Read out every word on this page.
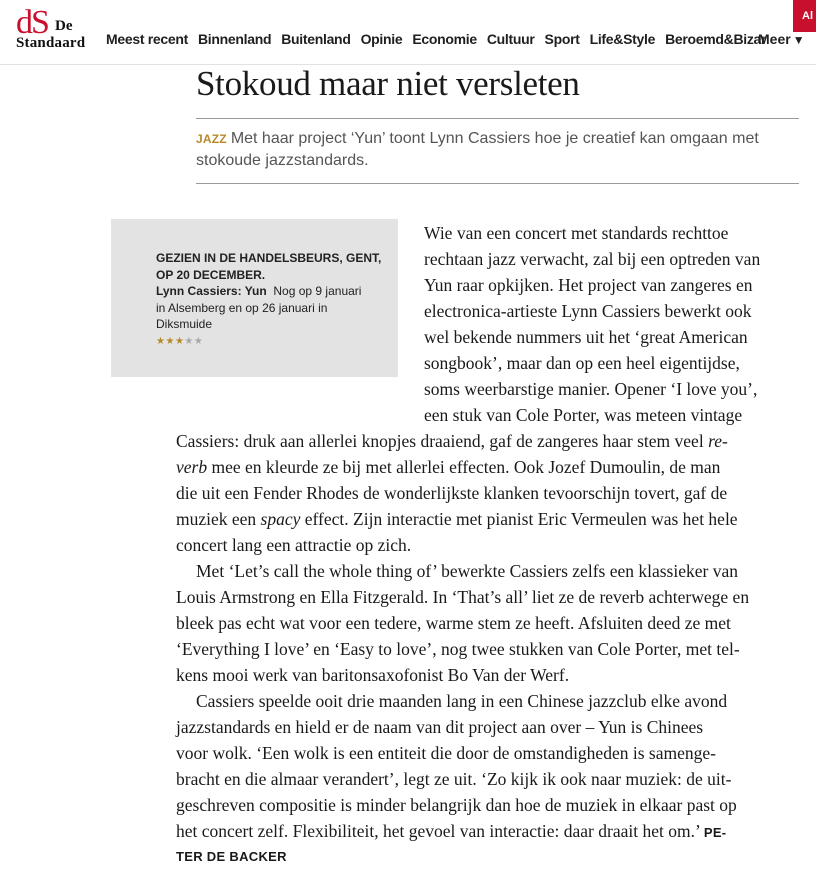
dS De
Standaard Meest recent Binnenland Buitenland Opinie Economie Cultuur Sport Life&Style Beroemd&Bizar
Meer ▼
Al
Stokoud maar niet versleten

JAZZ Met haar project ‘Yun’ toont Lynn Cassiers hoe je creatief kan omgaan met stokoude jazzstandards.

GEZIEN IN DE HANDELSBEURS, GENT,
OP 20 DECEMBER.
Lynn Cassiers: Yun Nog op 9 januari
in Alsemberg en op 26 januari in
Diksmuide
★★★★★
Wie van een concert met standards rechttoe
rechtaan jazz verwacht, zal bij een optreden van
Yun raar opkijken. Het project van zangeres en
electronica-artieste Lynn Cassiers bewerkt ook
wel bekende nummers uit het ‘great American
songbook’, maar dan op een heel eigentijdse,
soms weerbarstige manier. Opener ‘I love you’,
een stuk van Cole Porter, was meteen vintage
Cassiers: druk aan allerlei knopjes draaiend, gaf de zangeres haar stem veel re-
verb mee en kleurde ze bij met allerlei effecten. Ook Jozef Dumoulin, de man
die uit een Fender Rhodes de wonderlijkste klanken tevoorschijn tovert, gaf de
muziek een spacy effect. Zijn interactie met pianist Eric Vermeulen was het hele
concert lang een attractie op zich.
Met ‘Let’s call the whole thing of’ bewerkte Cassiers zelfs een klassieker van
Louis Armstrong en Ella Fitzgerald. In ‘That’s all’ liet ze de reverb achterwege en
bleek pas echt wat voor een tedere, warme stem ze heeft. Afsluiten deed ze met
‘Everything I love’ en ‘Easy to love’, nog twee stukken van Cole Porter, met tel-
kens mooi werk van baritonsaxofonist Bo Van der Werf.
Cassiers speelde ooit drie maanden lang in een Chinese jazzclub elke avond
jazzstandards en hield er de naam van dit project aan over – Yun is Chinees
voor wolk. ‘Een wolk is een entiteit die door de omstandigheden is samenge-
bracht en die almaar verandert’, legt ze uit. ‘Zo kijk ik ook naar muziek: de uit-
geschreven compositie is minder belangrijk dan hoe de muziek in elkaar past op
het concert zelf. Flexibiliteit, het gevoel van interactie: daar draait het om.’ PE-
TER DE BACKER
